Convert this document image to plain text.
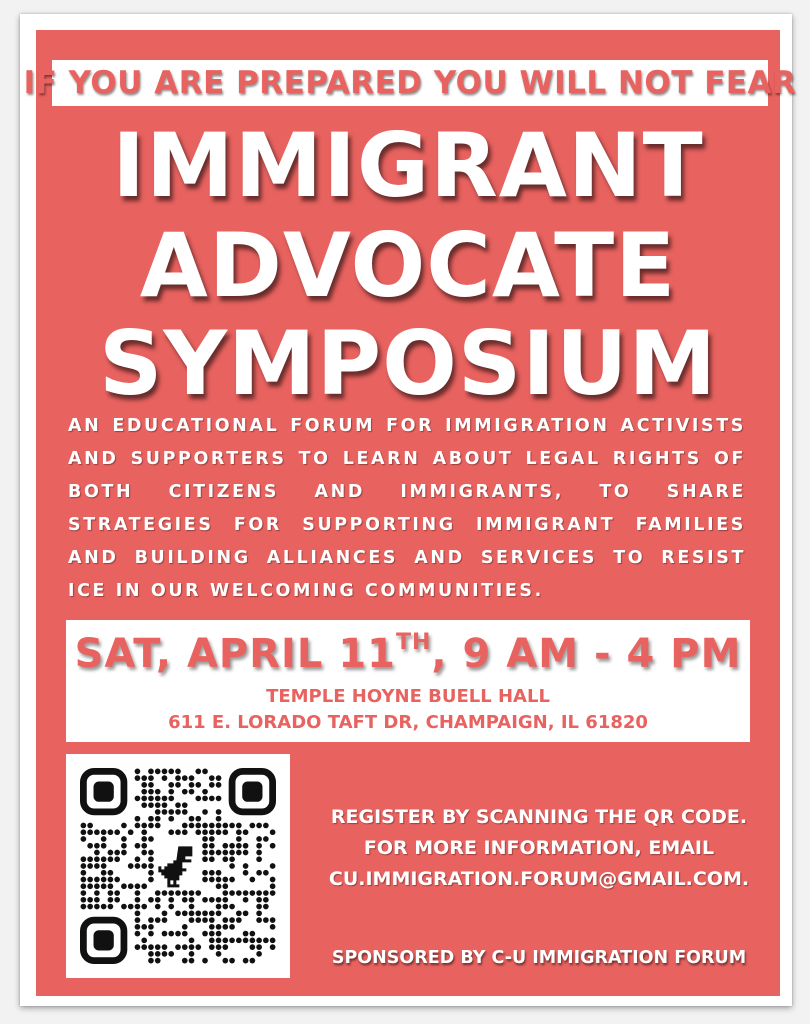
IF YOU ARE PREPARED YOU WILL NOT FEAR
IMMIGRANT
ADVOCATE
SYMPOSIUM
AN EDUCATIONAL FORUM FOR IMMIGRATION ACTIVISTS AND SUPPORTERS TO LEARN ABOUT LEGAL RIGHTS OF BOTH CITIZENS AND IMMIGRANTS, TO SHARE STRATEGIES FOR SUPPORTING IMMIGRANT FAMILIES AND BUILDING ALLIANCES AND SERVICES TO RESIST ICE IN OUR WELCOMING COMMUNITIES.
SAT, APRIL 11TH, 9 AM - 4 PM
TEMPLE HOYNE BUELL HALL
611 E. LORADO TAFT DR, CHAMPAIGN, IL 61820
REGISTER BY SCANNING THE QR CODE.
FOR MORE INFORMATION, EMAIL
CU.IMMIGRATION.FORUM@GMAIL.COM.
SPONSORED BY C-U IMMIGRATION FORUM
